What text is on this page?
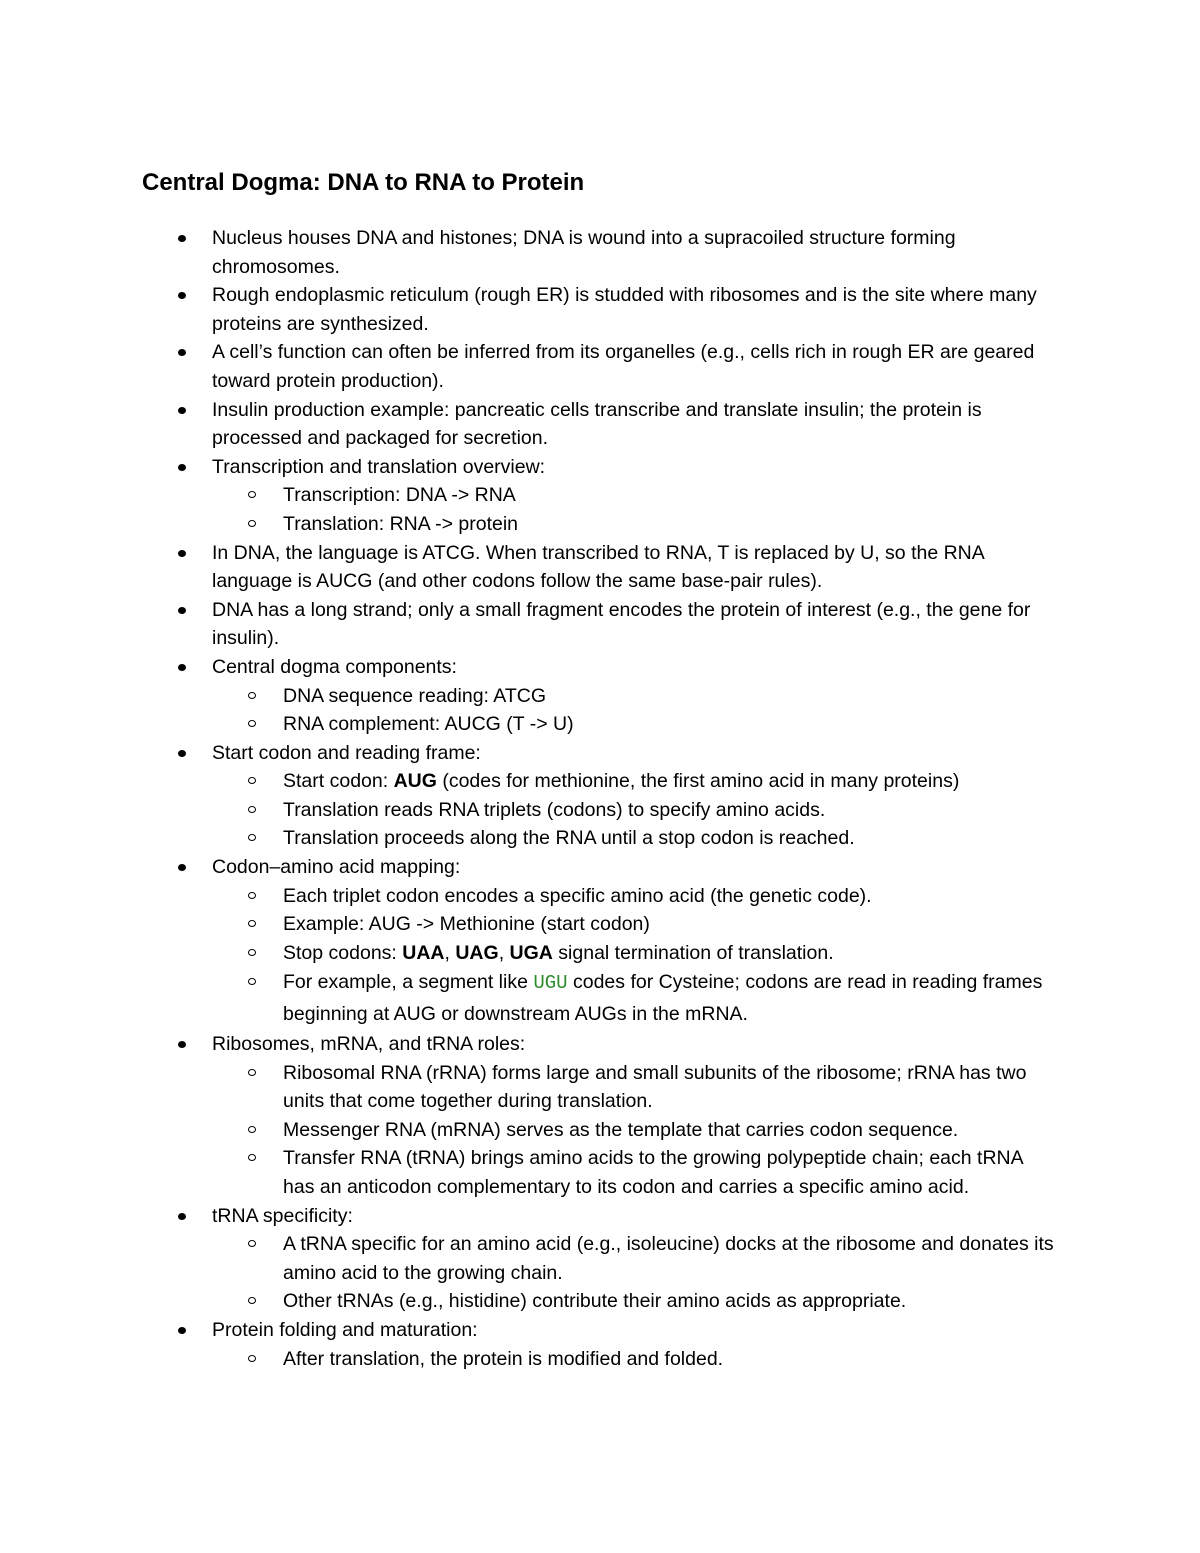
Central Dogma: DNA to RNA to Protein
Nucleus houses DNA and histones; DNA is wound into a supracoiled structure forming chromosomes.
Rough endoplasmic reticulum (rough ER) is studded with ribosomes and is the site where many proteins are synthesized.
A cell’s function can often be inferred from its organelles (e.g., cells rich in rough ER are geared toward protein production).
Insulin production example: pancreatic cells transcribe and translate insulin; the protein is processed and packaged for secretion.
Transcription and translation overview:
Transcription: DNA -> RNA
Translation: RNA -> protein
In DNA, the language is ATCG. When transcribed to RNA, T is replaced by U, so the RNA language is AUCG (and other codons follow the same base-pair rules).
DNA has a long strand; only a small fragment encodes the protein of interest (e.g., the gene for insulin).
Central dogma components:
DNA sequence reading: ATCG
RNA complement: AUCG (T -> U)
Start codon and reading frame:
Start codon: AUG (codes for methionine, the first amino acid in many proteins)
Translation reads RNA triplets (codons) to specify amino acids.
Translation proceeds along the RNA until a stop codon is reached.
Codon–amino acid mapping:
Each triplet codon encodes a specific amino acid (the genetic code).
Example: AUG -> Methionine (start codon)
Stop codons: UAA, UAG, UGA signal termination of translation.
For example, a segment like UGU codes for Cysteine; codons are read in reading frames beginning at AUG or downstream AUGs in the mRNA.
Ribosomes, mRNA, and tRNA roles:
Ribosomal RNA (rRNA) forms large and small subunits of the ribosome; rRNA has two units that come together during translation.
Messenger RNA (mRNA) serves as the template that carries codon sequence.
Transfer RNA (tRNA) brings amino acids to the growing polypeptide chain; each tRNA has an anticodon complementary to its codon and carries a specific amino acid.
tRNA specificity:
A tRNA specific for an amino acid (e.g., isoleucine) docks at the ribosome and donates its amino acid to the growing chain.
Other tRNAs (e.g., histidine) contribute their amino acids as appropriate.
Protein folding and maturation:
After translation, the protein is modified and folded.
